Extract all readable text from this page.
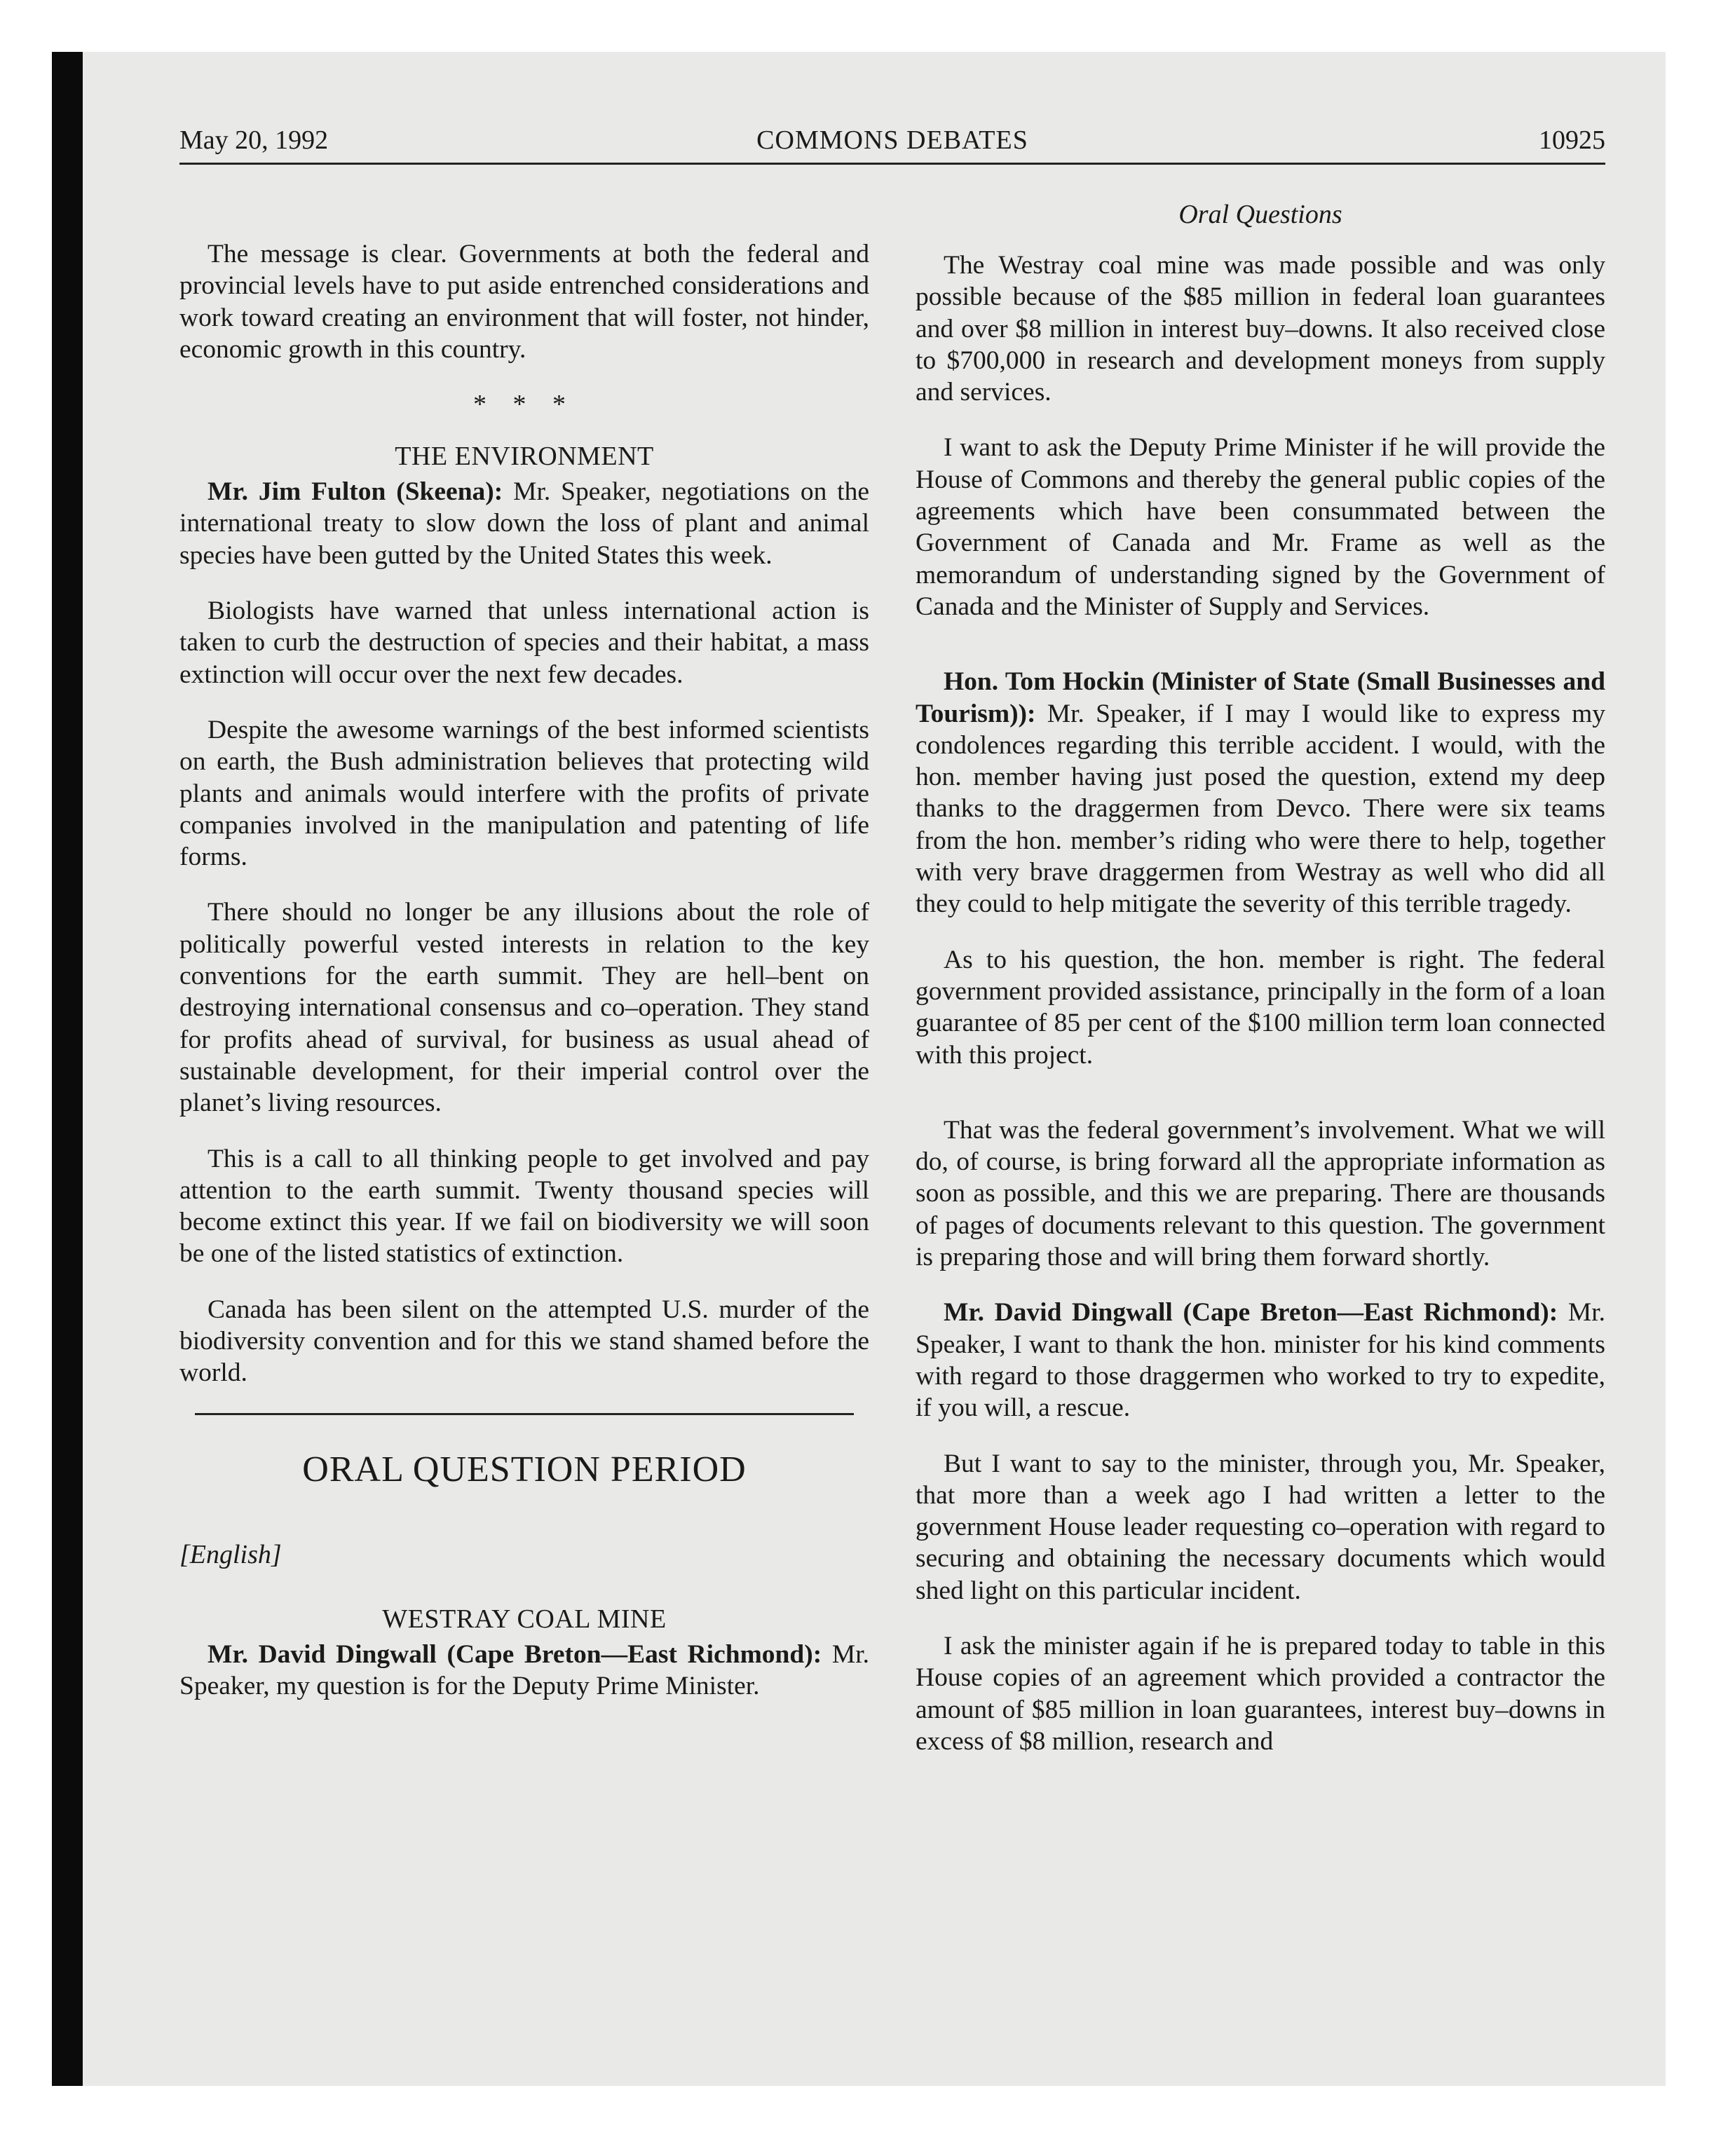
May 20, 1992	COMMONS DEBATES	10925

The message is clear. Governments at both the federal and provincial levels have to put aside entrenched considerations and work toward creating an environment that will foster, not hinder, economic growth in this country.

* * *
THE ENVIRONMENT

Mr. Jim Fulton (Skeena): Mr. Speaker, negotiations on the international treaty to slow down the loss of plant and animal species have been gutted by the United States this week.

Biologists have warned that unless international action is taken to curb the destruction of species and their habitat, a mass extinction will occur over the next few decades.

Despite the awesome warnings of the best informed scientists on earth, the Bush administration believes that protecting wild plants and animals would interfere with the profits of private companies involved in the manipulation and patenting of life forms.

There should no longer be any illusions about the role of politically powerful vested interests in relation to the key conventions for the earth summit. They are hell–bent on destroying international consensus and co–operation. They stand for profits ahead of survival, for business as usual ahead of sustainable development, for their imperial control over the planet’s living resources.

This is a call to all thinking people to get involved and pay attention to the earth summit. Twenty thousand species will become extinct this year. If we fail on biodiversity we will soon be one of the listed statistics of extinction.

Canada has been silent on the attempted U.S. murder of the biodiversity convention and for this we stand shamed before the world.

ORAL QUESTION PERIOD
[English]
WESTRAY COAL MINE

Mr. David Dingwall (Cape Breton—East Richmond): Mr. Speaker, my question is for the Deputy Prime Minister.

Oral Questions

The Westray coal mine was made possible and was only possible because of the $85 million in federal loan guarantees and over $8 million in interest buy–downs. It also received close to $700,000 in research and development moneys from supply and services.

I want to ask the Deputy Prime Minister if he will provide the House of Commons and thereby the general public copies of the agreements which have been consummated between the Government of Canada and Mr. Frame as well as the memorandum of understanding signed by the Government of Canada and the Minister of Supply and Services.

Hon. Tom Hockin (Minister of State (Small Businesses and Tourism)): Mr. Speaker, if I may I would like to express my condolences regarding this terrible accident. I would, with the hon. member having just posed the question, extend my deep thanks to the draggermen from Devco. There were six teams from the hon. member’s riding who were there to help, together with very brave draggermen from Westray as well who did all they could to help mitigate the severity of this terrible tragedy.

As to his question, the hon. member is right. The federal government provided assistance, principally in the form of a loan guarantee of 85 per cent of the $100 million term loan connected with this project.

That was the federal government’s involvement. What we will do, of course, is bring forward all the appropriate information as soon as possible, and this we are preparing. There are thousands of pages of documents relevant to this question. The government is preparing those and will bring them forward shortly.

Mr. David Dingwall (Cape Breton—East Richmond): Mr. Speaker, I want to thank the hon. minister for his kind comments with regard to those draggermen who worked to try to expedite, if you will, a rescue.

But I want to say to the minister, through you, Mr. Speaker, that more than a week ago I had written a letter to the government House leader requesting co–operation with regard to securing and obtaining the necessary documents which would shed light on this particular incident.

I ask the minister again if he is prepared today to table in this House copies of an agreement which provided a contractor the amount of $85 million in loan guarantees, interest buy–downs in excess of $8 million, research and
